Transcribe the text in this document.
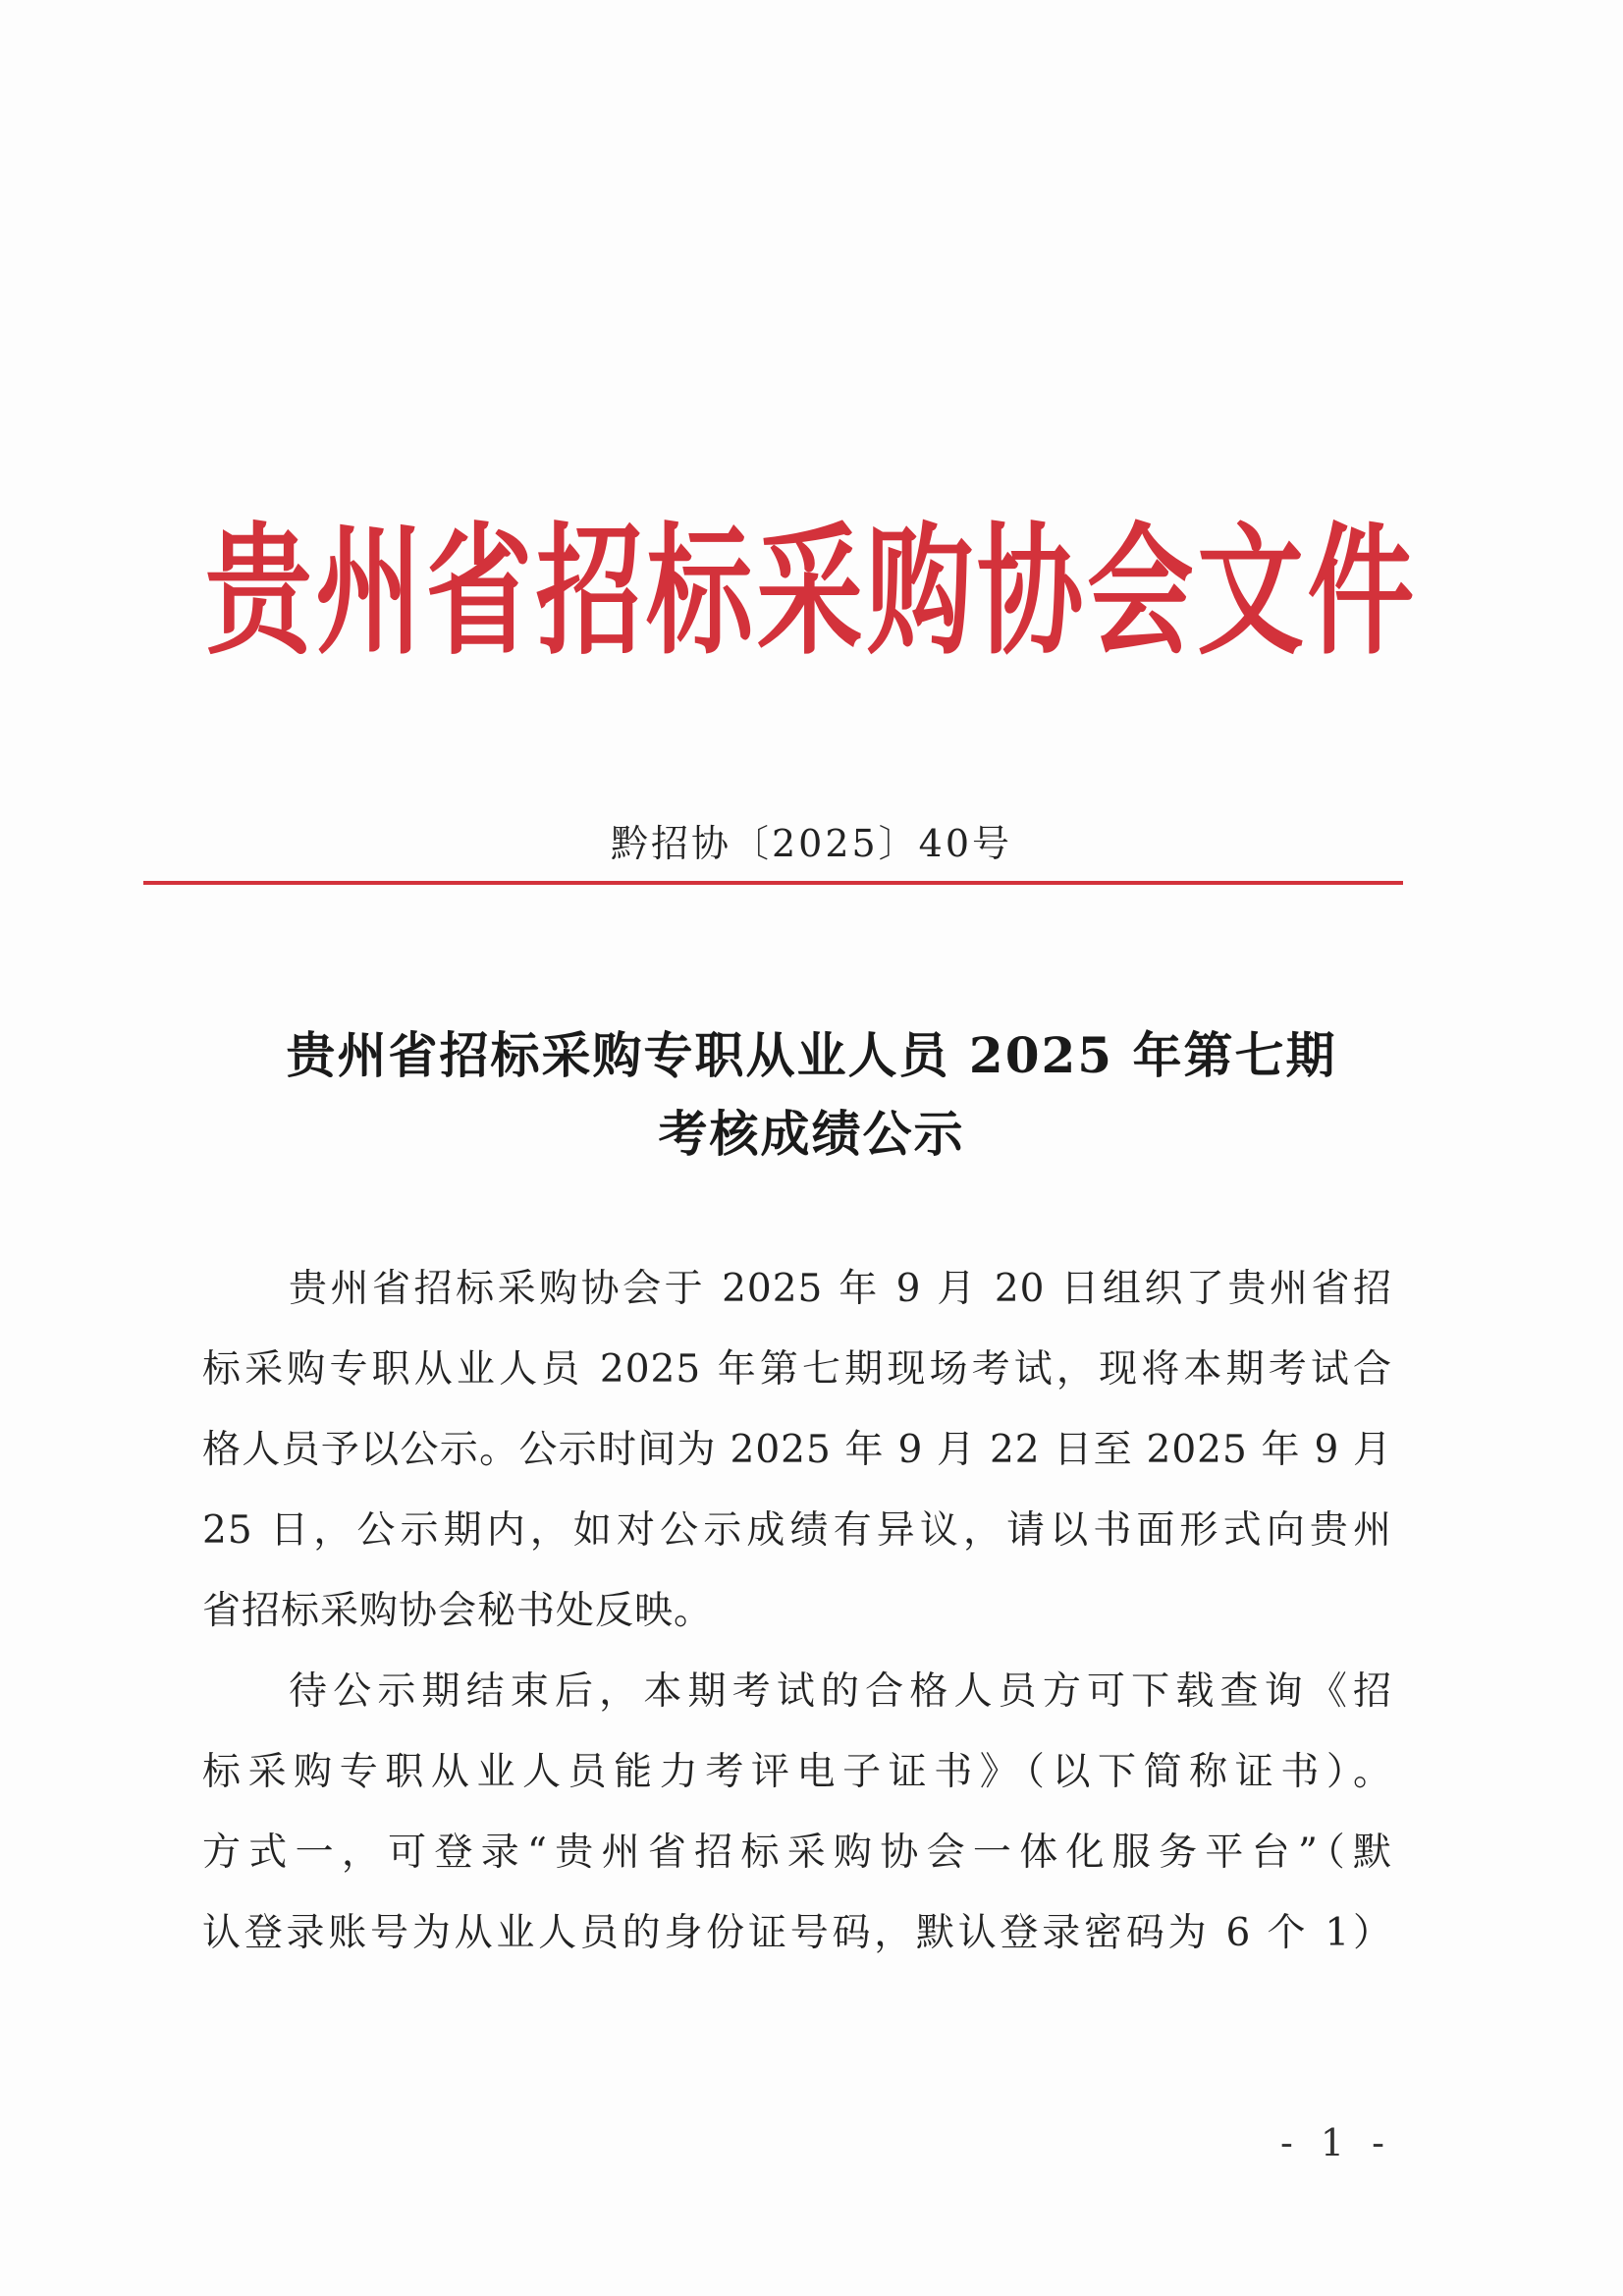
贵州省招标采购协会文件
黔招协〔2025〕40号
贵州省招标采购专职从业人员 2025 年第七期
考核成绩公示
贵州省招标采购协会于 2025 年 9 月 20 日组织了贵州省招
标采购专职从业人员 2025 年第七期现场考试，现将本期考试合
格人员予以公示。公示时间为 2025 年 9 月 22 日至 2025 年 9 月
25 日，公示期内，如对公示成绩有异议，请以书面形式向贵州
省招标采购协会秘书处反映。
待公示期结束后，本期考试的合格人员方可下载查询《招
标采购专职从业人员能力考评电子证书》（以下简称证书）。
方式一，可登录“贵州省招标采购协会一体化服务平台”（默
认登录账号为从业人员的身份证号码，默认登录密码为 6 个 1）
- 1 -
